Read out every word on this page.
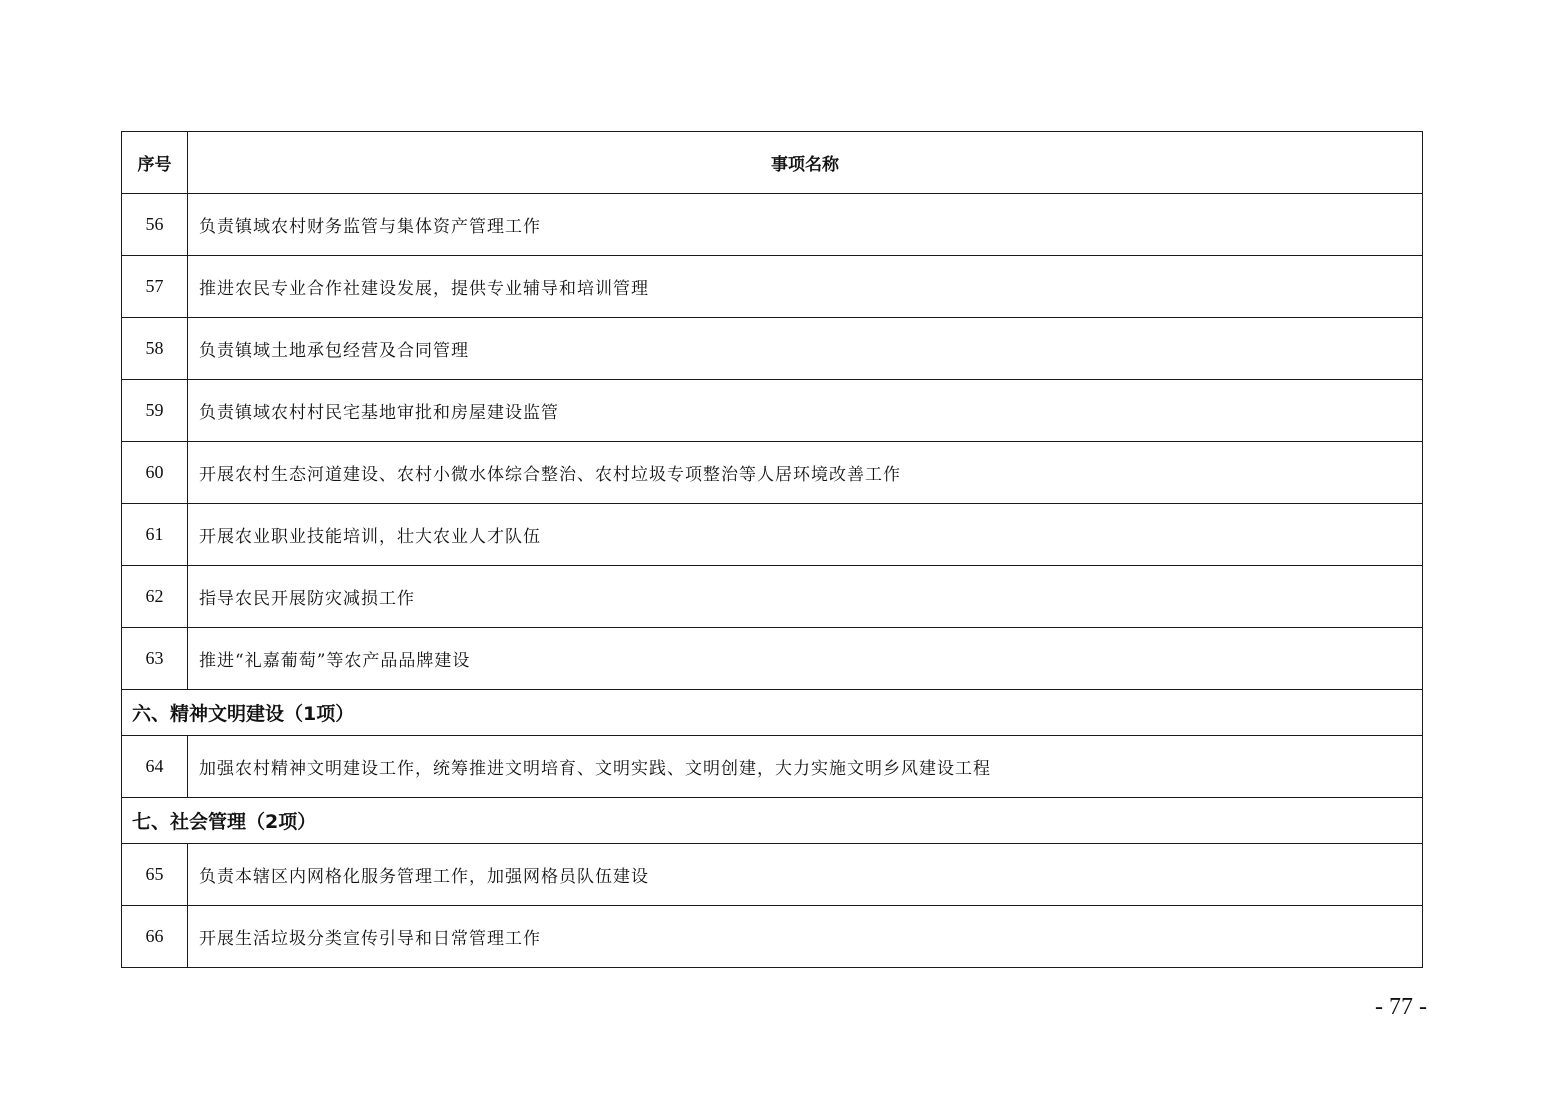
序号	事项名称
56	负责镇域农村财务监管与集体资产管理工作
57	推进农民专业合作社建设发展，提供专业辅导和培训管理
58	负责镇域土地承包经营及合同管理
59	负责镇域农村村民宅基地审批和房屋建设监管
60	开展农村生态河道建设、农村小微水体综合整治、农村垃圾专项整治等人居环境改善工作
61	开展农业职业技能培训，壮大农业人才队伍
62	指导农民开展防灾减损工作
63	推进“礼嘉葡萄”等农产品品牌建设
六、精神文明建设（1项）	
64	加强农村精神文明建设工作，统筹推进文明培育、文明实践、文明创建，大力实施文明乡风建设工程
七、社会管理（2项）	
65	负责本辖区内网格化服务管理工作，加强网格员队伍建设
66	开展生活垃圾分类宣传引导和日常管理工作
- 77 -
